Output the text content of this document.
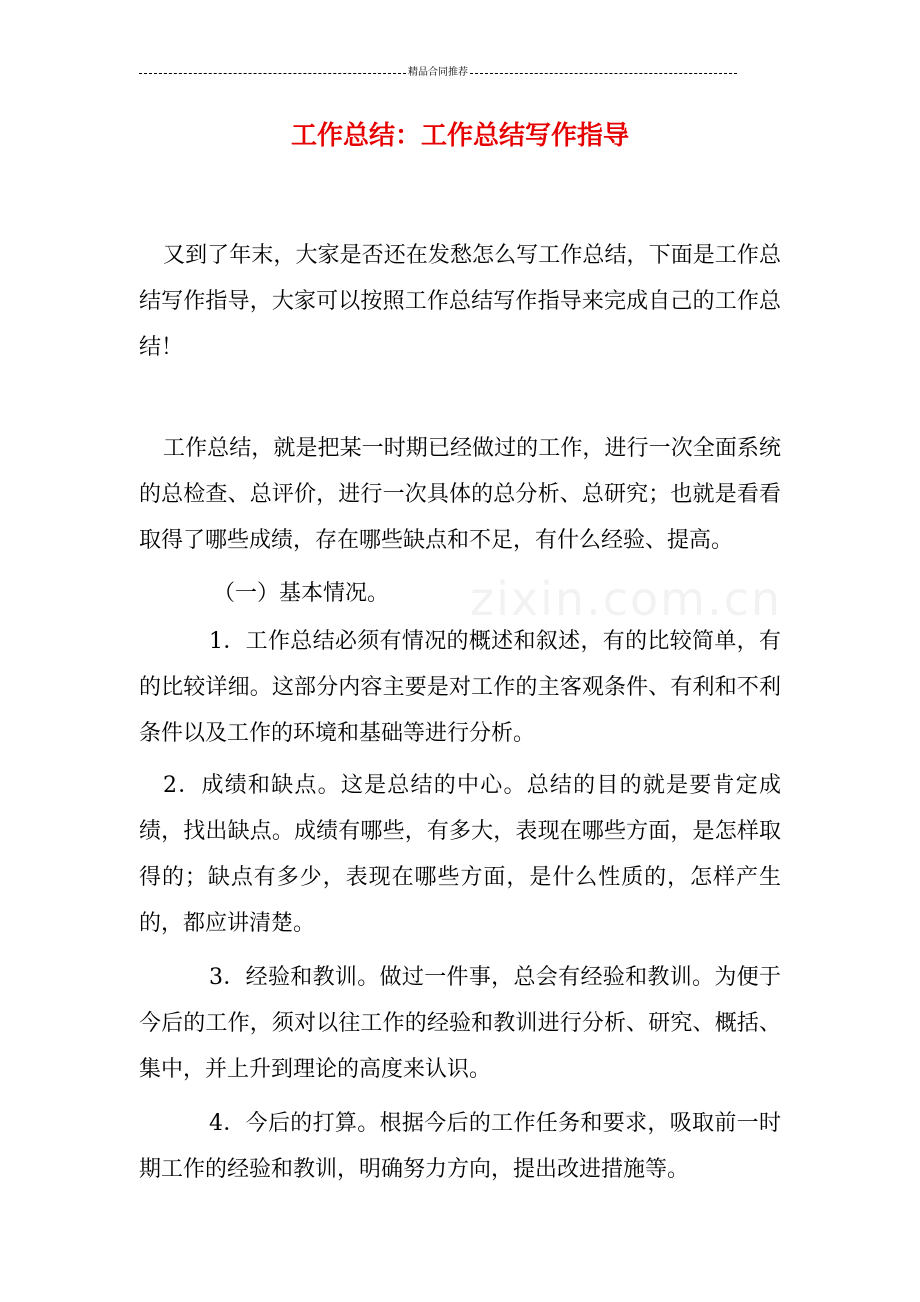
精品合同推荐
工作总结：工作总结写作指导
zixin.com.cn

又到了年末，大家是否还在发愁怎么写工作总结，下面是工作总结写作指导，大家可以按照工作总结写作指导来完成自己的工作总结！

工作总结，就是把某一时期已经做过的工作，进行一次全面系统的总检查、总评价，进行一次具体的总分析、总研究；也就是看看取得了哪些成绩，存在哪些缺点和不足，有什么经验、提高。

（一）基本情况。

1．工作总结必须有情况的概述和叙述，有的比较简单，有的比较详细。这部分内容主要是对工作的主客观条件、有利和不利条件以及工作的环境和基础等进行分析。

2．成绩和缺点。这是总结的中心。总结的目的就是要肯定成绩，找出缺点。成绩有哪些，有多大，表现在哪些方面，是怎样取得的；缺点有多少，表现在哪些方面，是什么性质的，怎样产生的，都应讲清楚。

3．经验和教训。做过一件事，总会有经验和教训。为便于今后的工作，须对以往工作的经验和教训进行分析、研究、概括、集中，并上升到理论的高度来认识。

4．今后的打算。根据今后的工作任务和要求，吸取前一时期工作的经验和教训，明确努力方向，提出改进措施等。
